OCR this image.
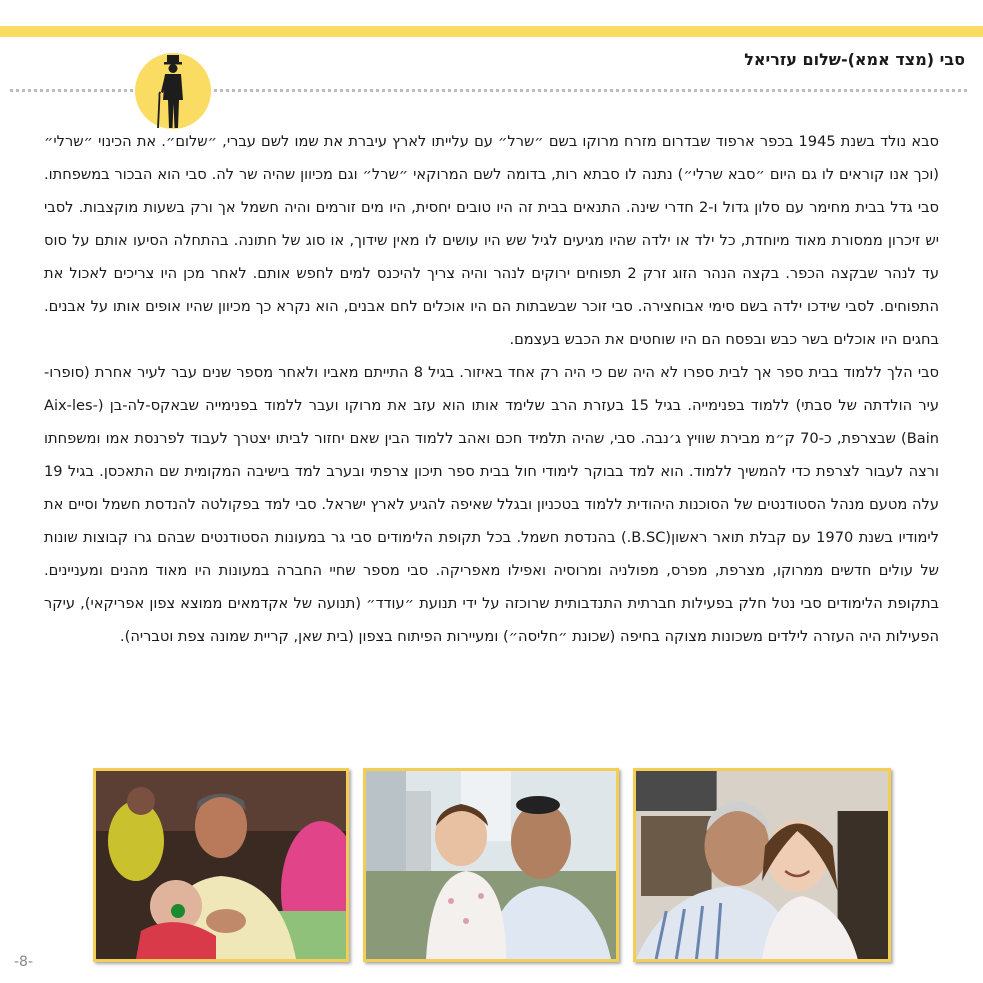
סבי (מצד אמא)-שלום עזריאל

סבא נולד בשנת 1945 בכפר ארפוד שבדרום מזרח מרוקו בשם ״שרל״ עם עלייתו לארץ עיברת את שמו לשם עברי, ״שלום״. את הכינוי ״שרלי״ (וכך אנו קוראים לו גם היום ״סבא שרלי״) נתנה לו סבתא רות, בדומה לשם המרוקאי ״שרל״ וגם מכיוון שהיה שר לה. סבי הוא הבכור במשפחתו. סבי גדל בבית מחימר עם סלון גדול ו-2 חדרי שינה. התנאים בבית זה היו טובים יחסית, היו מים זורמים והיה חשמל אך ורק בשעות מוקצבות. לסבי יש זיכרון ממסורת מאוד מיוחדת, כל ילד או ילדה שהיו מגיעים לגיל שש היו עושים לו מאין שידוך, או סוג של חתונה. בהתחלה הסיעו אותם על סוס עד לנהר שבקצה הכפר. בקצה הנהר הזוג זרק 2 תפוחים ירוקים לנהר והיה צריך להיכנס למים לחפש אותם. לאחר מכן היו צריכים לאכול את התפוחים. לסבי שידכו ילדה בשם סימי אבוחצירה. סבי זוכר שבשבתות הם היו אוכלים לחם אבנים, הוא נקרא כך מכיוון שהיו אופים אותו על אבנים. בחגים היו אוכלים בשר כבש ובפסח הם היו שוחטים את הכבש בעצמם.

סבי הלך ללמוד בבית ספר אך לבית ספרו לא היה שם כי היה רק אחד באיזור. בגיל 8 התייתם מאביו ולאחר מספר שנים עבר לעיר אחרת (סופרו- עיר הולדתה של סבתי) ללמוד בפנימייה. בגיל 15 בעזרת הרב שלימד אותו הוא עזב את מרוקו ועבר ללמוד בפנימייה שבאקס-לה-בן (Aix-les-Bain) שבצרפת, כ-70 ק״מ מבירת שוויץ ג׳נבה. סבי, שהיה תלמיד חכם ואהב ללמוד הבין שאם יחזור לביתו יצטרך לעבוד לפרנסת אמו ומשפחתו ורצה לעבור לצרפת כדי להמשיך ללמוד. הוא למד בבוקר לימודי חול בבית ספר תיכון צרפתי ובערב למד בישיבה המקומית שם התאכסן. בגיל 19 עלה מטעם מנהל הסטודנטים של הסוכנות היהודית ללמוד בטכניון ובגלל שאיפה להגיע לארץ ישראל. סבי למד בפקולטה להנדסת חשמל וסיים את לימודיו בשנת 1970 עם קבלת תואר ראשון(B.SC.) בהנדסת חשמל. בכל תקופת הלימודים סבי גר במעונות הסטודנטים שבהם גרו קבוצות שונות של עולים חדשים ממרוקו, מצרפת, מפרס, מפולניה ומרוסיה ואפילו מאפריקה. סבי מספר שחיי החברה במעונות היו מאוד מהנים ומעניינים. בתקופת הלימודים סבי נטל חלק בפעילות חברתית התנדבותית שרוכזה על ידי תנועת ״עודד״ (תנועה של אקדמאים ממוצא צפון אפריקאי), עיקר הפעילות היה העזרה לילדים משכונות מצוקה בחיפה (שכונת ״חליסה״) ומעיירות הפיתוח בצפון (בית שאן, קריית שמונה צפת וטבריה).

-8-
